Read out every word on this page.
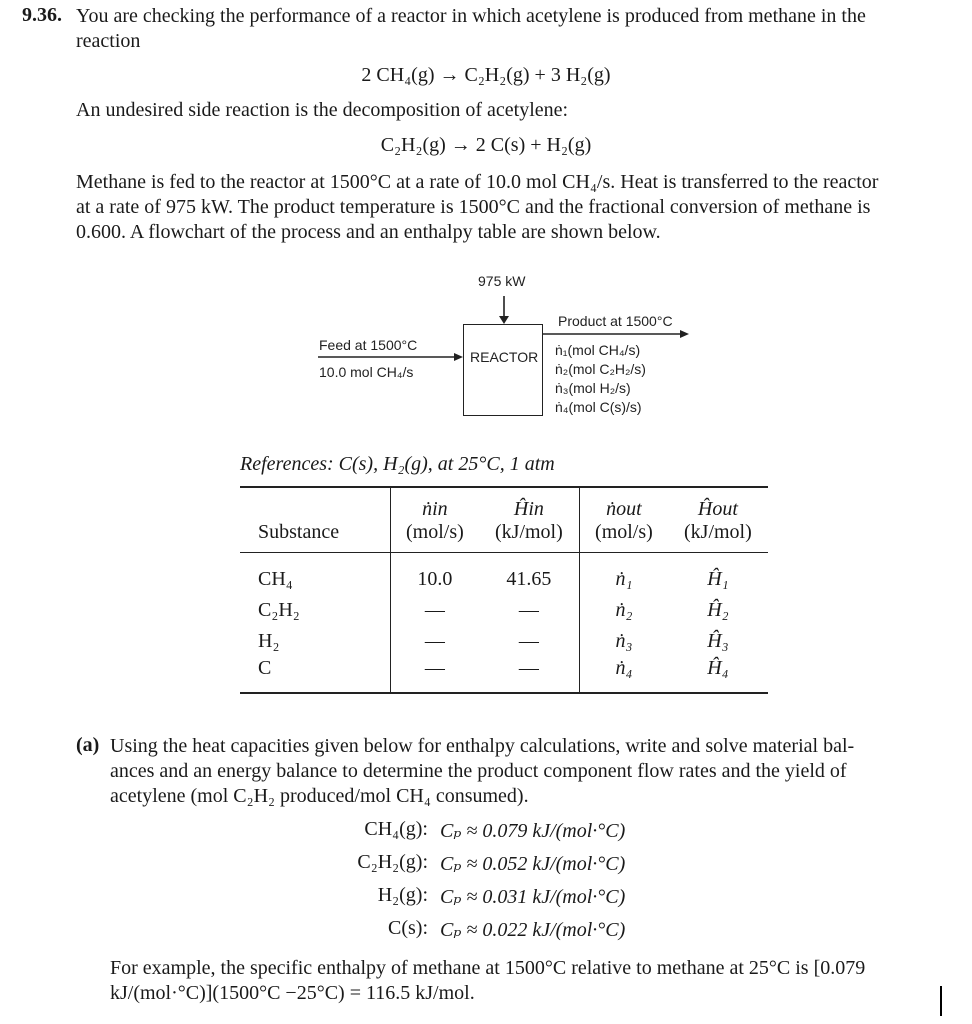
9.36. You are checking the performance of a reactor in which acetylene is produced from methane in the
reaction
2 CH₄(g) → C₂H₂(g) + 3 H₂(g)
An undesired side reaction is the decomposition of acetylene:
C₂H₂(g) → 2 C(s) + H₂(g)
Methane is fed to the reactor at 1500°C at a rate of 10.0 mol CH₄/s. Heat is transferred to the reactor
at a rate of 975 kW. The product temperature is 1500°C and the fractional conversion of methane is
0.600. A flowchart of the process and an enthalpy table are shown below.
975 kW
REACTOR
Feed at 1500°C
10.0 mol CH₄/s
Product at 1500°C
ṅ₁(mol CH₄/s)
ṅ₂(mol C₂H₂/s)
ṅ₃(mol H₂/s)
ṅ₄(mol C(s)/s)
References: C(s), H₂(g), at 25°C, 1 atm
	ṅin	Ĥin	ṅout	Ĥout
Substance	(mol/s)	(kJ/mol)	(mol/s)	(kJ/mol)
CH₄	10.0	41.65	ṅ₁	Ĥ₁
C₂H₂	—	—	ṅ₂	Ĥ₂
H₂	—	—	ṅ₃	Ĥ₃
C	—	—	ṅ₄	Ĥ₄
(a) Using the heat capacities given below for enthalpy calculations, write and solve material bal-
ances and an energy balance to determine the product component flow rates and the yield of
acetylene (mol C₂H₂ produced/mol CH₄ consumed).
CH₄(g): Cₚ ≈ 0.079 kJ/(mol·°C)
C₂H₂(g): Cₚ ≈ 0.052 kJ/(mol·°C)
H₂(g): Cₚ ≈ 0.031 kJ/(mol·°C)
C(s): Cₚ ≈ 0.022 kJ/(mol·°C)
For example, the specific enthalpy of methane at 1500°C relative to methane at 25°C is [0.079
kJ/(mol·°C)](1500°C −25°C) = 116.5 kJ/mol.
